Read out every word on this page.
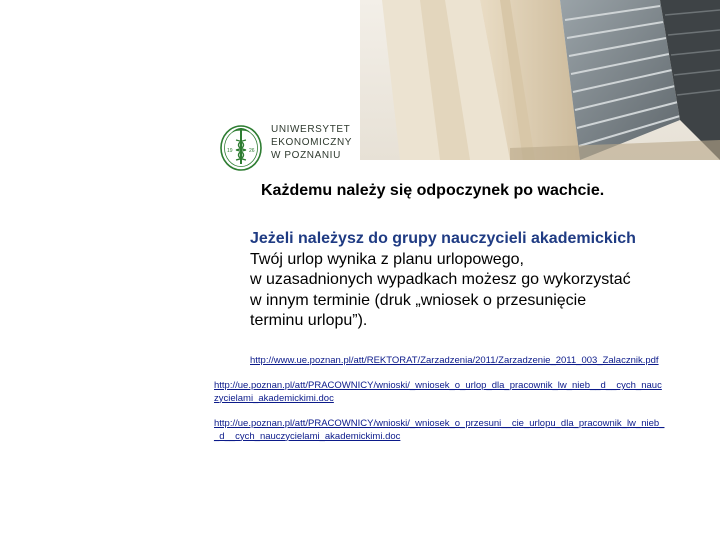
19	26
UNIWERSYTET
EKONOMICZNY
W POZNANIU
Każdemu należy się odpoczynek po wachcie.
Jeżeli należysz do grupy nauczycieli akademickich
Twój urlop wynika z planu urlopowego,
w uzasadnionych wypadkach możesz go wykorzystać
w innym terminie (druk „wniosek o przesunięcie
terminu urlopu”).
http://www.ue.poznan.pl/att/REKTORAT/Zarzadzenia/2011/Zarzadzenie_2011_003_Zalacznik.pdf
http://ue.poznan.pl/att/PRACOWNICY/wnioski/_wniosek_o_urlop_dla_pracownik_lw_nieb__d__cych_nauc
zycielami_akademickimi.doc
http://ue.poznan.pl/att/PRACOWNICY/wnioski/_wniosek_o_przesuni__cie_urlopu_dla_pracownik_lw_nieb_
_d__cych_nauczycielami_akademickimi.doc
